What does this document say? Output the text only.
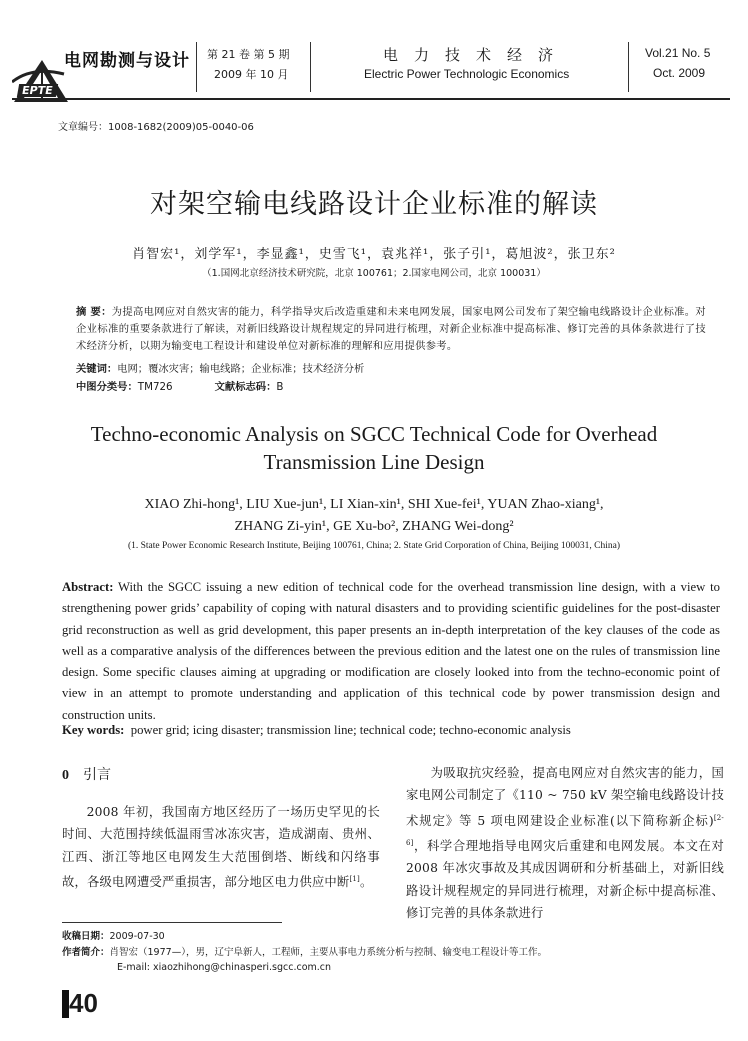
电网勘测与设计
EPTE
第 21 卷 第 5 期
2009 年 10 月
电力技术经济
Electric Power Technologic Economics
Vol.21 No. 5
Oct. 2009
文章编号：1008-1682(2009)05-0040-06
对架空输电线路设计企业标准的解读
肖智宏¹，刘学军¹，李显鑫¹，史雪飞¹，袁兆祥¹，张子引¹，葛旭波²，张卫东²
（1.国网北京经济技术研究院，北京 100761；2.国家电网公司，北京 100031）
摘 要：为提高电网应对自然灾害的能力，科学指导灾后改造重建和未来电网发展，国家电网公司发布了架空输电线路设计企业标准。对企业标准的重要条款进行了解读，对新旧线路设计规程规定的异同进行梳理，对新企业标准中提高标准、修订完善的具体条款进行了技术经济分析，以期为输变电工程设计和建设单位对新标准的理解和应用提供参考。
关键词：电网；覆冰灾害；输电线路；企业标准；技术经济分析
中图分类号：TM726	文献标志码：B
Techno-economic Analysis on SGCC Technical Code for Overhead
Transmission Line Design
XIAO Zhi-hong¹, LIU Xue-jun¹, LI Xian-xin¹, SHI Xue-fei¹, YUAN Zhao-xiang¹,
ZHANG Zi-yin¹, GE Xu-bo², ZHANG Wei-dong²
(1. State Power Economic Research Institute, Beijing 100761, China; 2. State Grid Corporation of China, Beijing 100031, China)
Abstract: With the SGCC issuing a new edition of technical code for the overhead transmission line design, with a view to strengthening power grids’ capability of coping with natural disasters and to providing scientific guidelines for the post-disaster grid reconstruction as well as grid development, this paper presents an in-depth interpretation of the key clauses of the code as well as a comparative analysis of the differences between the previous edition and the latest one on the rules of transmission line design. Some specific clauses aiming at upgrading or modification are closely looked into from the techno-economic point of view in an attempt to promote understanding and application of this technical code by power transmission design and construction units.
Key words: power grid; icing disaster; transmission line; technical code; techno-economic analysis
0 引言

2008 年初，我国南方地区经历了一场历史罕见的长时间、大范围持续低温雨雪冰冻灾害，造成湖南、贵州、江西、浙江等地区电网发生大范围倒塔、断线和闪络事故，各级电网遭受严重损害，部分地区电力供应中断[1]。

为吸取抗灾经验，提高电网应对自然灾害的能力，国家电网公司制定了《110 ~ 750 kV 架空输电线路设计技术规定》等 5 项电网建设企业标准(以下简称新企标)[2-6]，科学合理地指导电网灾后重建和电网发展。本文在对 2008 年冰灾事故及其成因调研和分析基础上，对新旧线路设计规程规定的异同进行梳理，对新企标中提高标准、修订完善的具体条款进行

收稿日期：2009-07-30
作者简介：肖智宏（1977—），男，辽宁阜新人，工程师，主要从事电力系统分析与控制、输变电工程设计等工作。
E-mail: xiaozhihong@chinasperi.sgcc.com.cn
40
